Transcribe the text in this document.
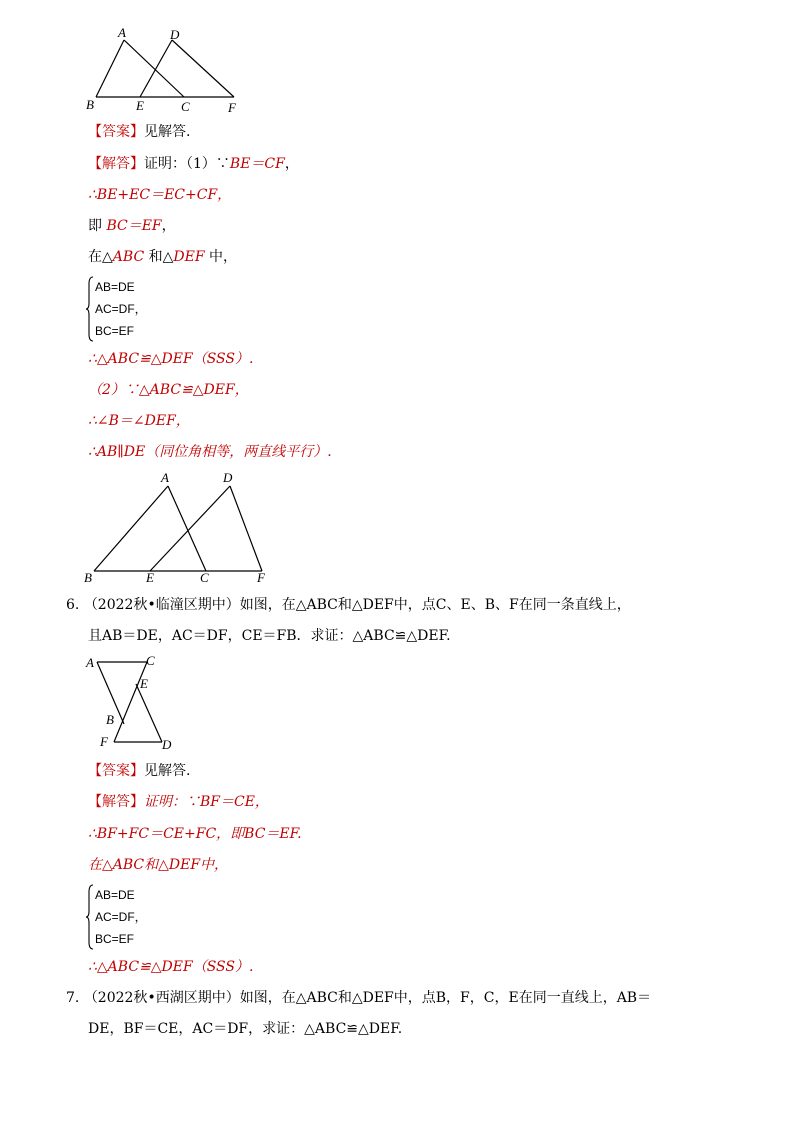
A	D
B	E	C	F
【答案】见解答.
【解答】证明：（1）∵BE＝CF，
∴BE+EC＝EC+CF，
即 BC＝EF，
在△ABC 和△DEF 中，
AB=DE
AC=DF，
BC=EF
∴△ABC≌△DEF（SSS）.
（2）∵△ABC≌△DEF，
∴∠B＝∠DEF，
∴AB∥DE（同位角相等，两直线平行）.
A	D
B	E	C	F
6. （2022秋•临潼区期中）如图，在△ABC和△DEF中，点C、E、B、F在同一条直线上，
且AB＝DE，AC＝DF，CE＝FB．求证：△ABC≌△DEF.
A	C
E
B
F	D
【答案】见解答.
【解答】证明：∵BF＝CE，
∴BF+FC＝CE+FC，即BC＝EF.
在△ABC和△DEF中，
AB=DE
AC=DF，
BC=EF
∴△ABC≌△DEF（SSS）.
7. （2022秋•西湖区期中）如图，在△ABC和△DEF中，点B，F，C，E在同一直线上，AB＝
DE，BF＝CE，AC＝DF，求证：△ABC≌△DEF.
